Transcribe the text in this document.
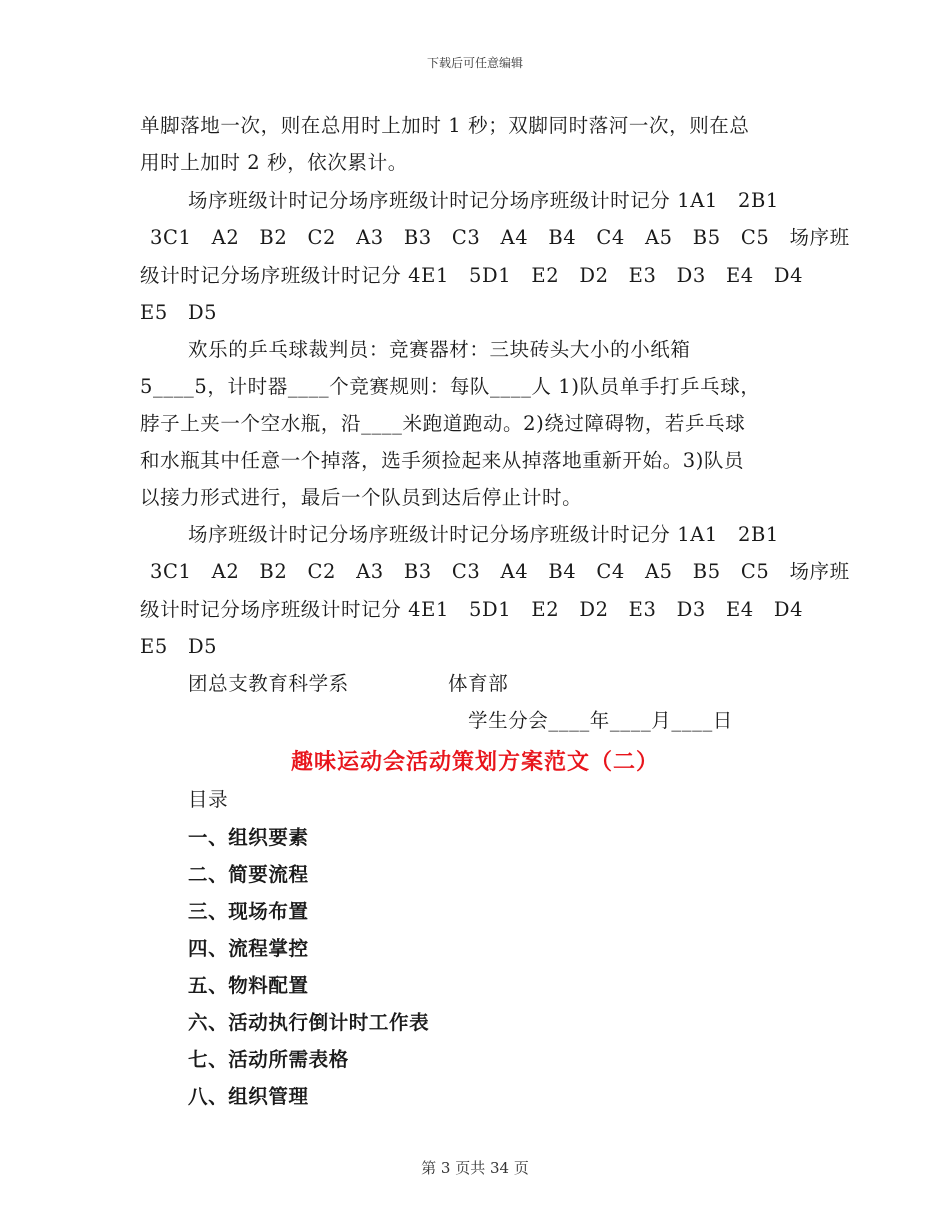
下载后可任意编辑
单脚落地一次，则在总用时上加时 1 秒；双脚同时落河一次，则在总
用时上加时 2 秒，依次累计。
场序班级计时记分场序班级计时记分场序班级计时记分 1A1　2B1
3C1　A2　B2　C2　A3　B3　C3　A4　B4　C4　A5　B5　C5　场序班
级计时记分场序班级计时记分 4E1　5D1　E2　D2　E3　D3　E4　D4
E5　D5
欢乐的乒乓球裁判员：竞赛器材：三块砖头大小的小纸箱
5____5，计时器____个竞赛规则：每队____人 1)队员单手打乒乓球，
脖子上夹一个空水瓶，沿____米跑道跑动。2)绕过障碍物，若乒乓球
和水瓶其中任意一个掉落，选手须捡起来从掉落地重新开始。3)队员
以接力形式进行，最后一个队员到达后停止计时。
场序班级计时记分场序班级计时记分场序班级计时记分 1A1　2B1
3C1　A2　B2　C2　A3　B3　C3　A4　B4　C4　A5　B5　C5　场序班
级计时记分场序班级计时记分 4E1　5D1　E2　D2　E3　D3　E4　D4
E5　D5
团总支教育科学系	体育部
学生分会____年____月____日
趣味运动会活动策划方案范文（二）
目录
一、组织要素
二、简要流程
三、现场布置
四、流程掌控
五、物料配置
六、活动执行倒计时工作表
七、活动所需表格
八、组织管理
第 3 页共 34 页
